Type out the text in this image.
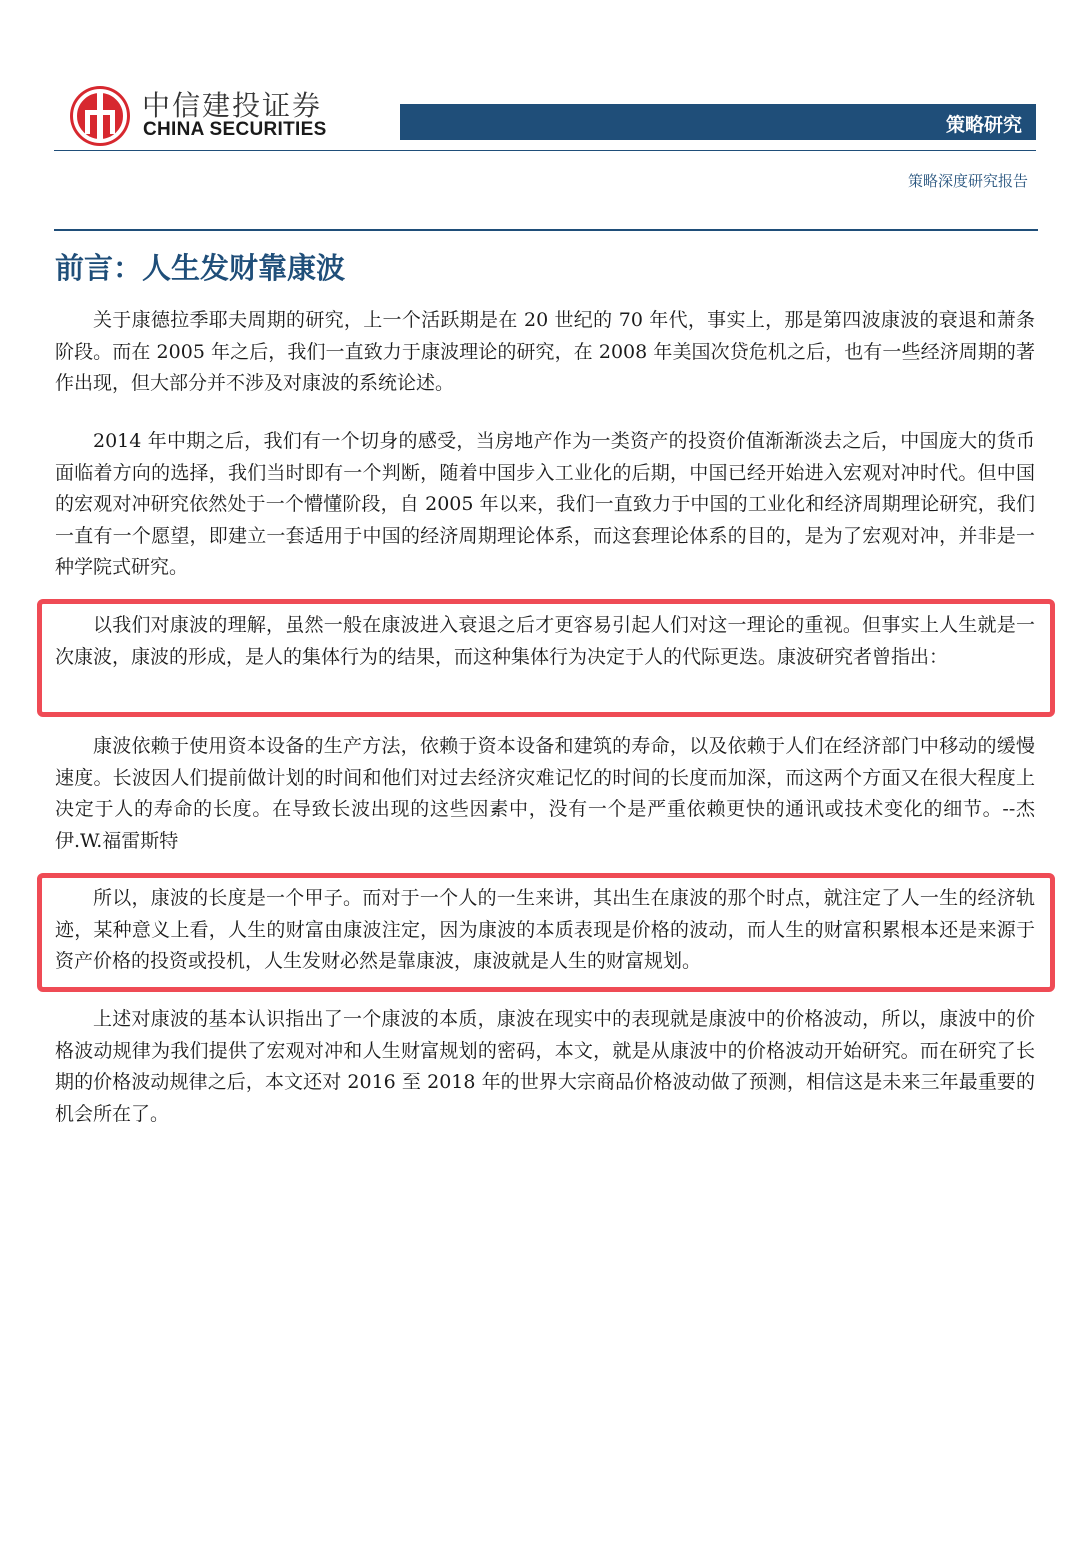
中信建投证券
CHINA SECURITIES	策略研究
策略深度研究报告
前言：人生发财靠康波

关于康德拉季耶夫周期的研究，上一个活跃期是在 20 世纪的 70 年代，事实上，那是第四波康波的衰退和萧条阶段。而在 2005 年之后，我们一直致力于康波理论的研究，在 2008 年美国次贷危机之后，也有一些经济周期的著作出现，但大部分并不涉及对康波的系统论述。

2014 年中期之后，我们有一个切身的感受，当房地产作为一类资产的投资价值渐渐淡去之后，中国庞大的货币面临着方向的选择，我们当时即有一个判断，随着中国步入工业化的后期，中国已经开始进入宏观对冲时代。但中国的宏观对冲研究依然处于一个懵懂阶段，自 2005 年以来，我们一直致力于中国的工业化和经济周期理论研究，我们一直有一个愿望，即建立一套适用于中国的经济周期理论体系，而这套理论体系的目的，是为了宏观对冲，并非是一种学院式研究。

以我们对康波的理解，虽然一般在康波进入衰退之后才更容易引起人们对这一理论的重视。但事实上人生就是一次康波，康波的形成，是人的集体行为的结果，而这种集体行为决定于人的代际更迭。康波研究者曾指出：

康波依赖于使用资本设备的生产方法，依赖于资本设备和建筑的寿命，以及依赖于人们在经济部门中移动的缓慢速度。长波因人们提前做计划的时间和他们对过去经济灾难记忆的时间的长度而加深，而这两个方面又在很大程度上决定于人的寿命的长度。在导致长波出现的这些因素中，没有一个是严重依赖更快的通讯或技术变化的细节。--杰伊.W.福雷斯特

所以，康波的长度是一个甲子。而对于一个人的一生来讲，其出生在康波的那个时点，就注定了人一生的经济轨迹，某种意义上看，人生的财富由康波注定，因为康波的本质表现是价格的波动，而人生的财富积累根本还是来源于资产价格的投资或投机，人生发财必然是靠康波，康波就是人生的财富规划。

上述对康波的基本认识指出了一个康波的本质，康波在现实中的表现就是康波中的价格波动，所以，康波中的价格波动规律为我们提供了宏观对冲和人生财富规划的密码，本文，就是从康波中的价格波动开始研究。而在研究了长期的价格波动规律之后，本文还对 2016 至 2018 年的世界大宗商品价格波动做了预测，相信这是未来三年最重要的机会所在了。
